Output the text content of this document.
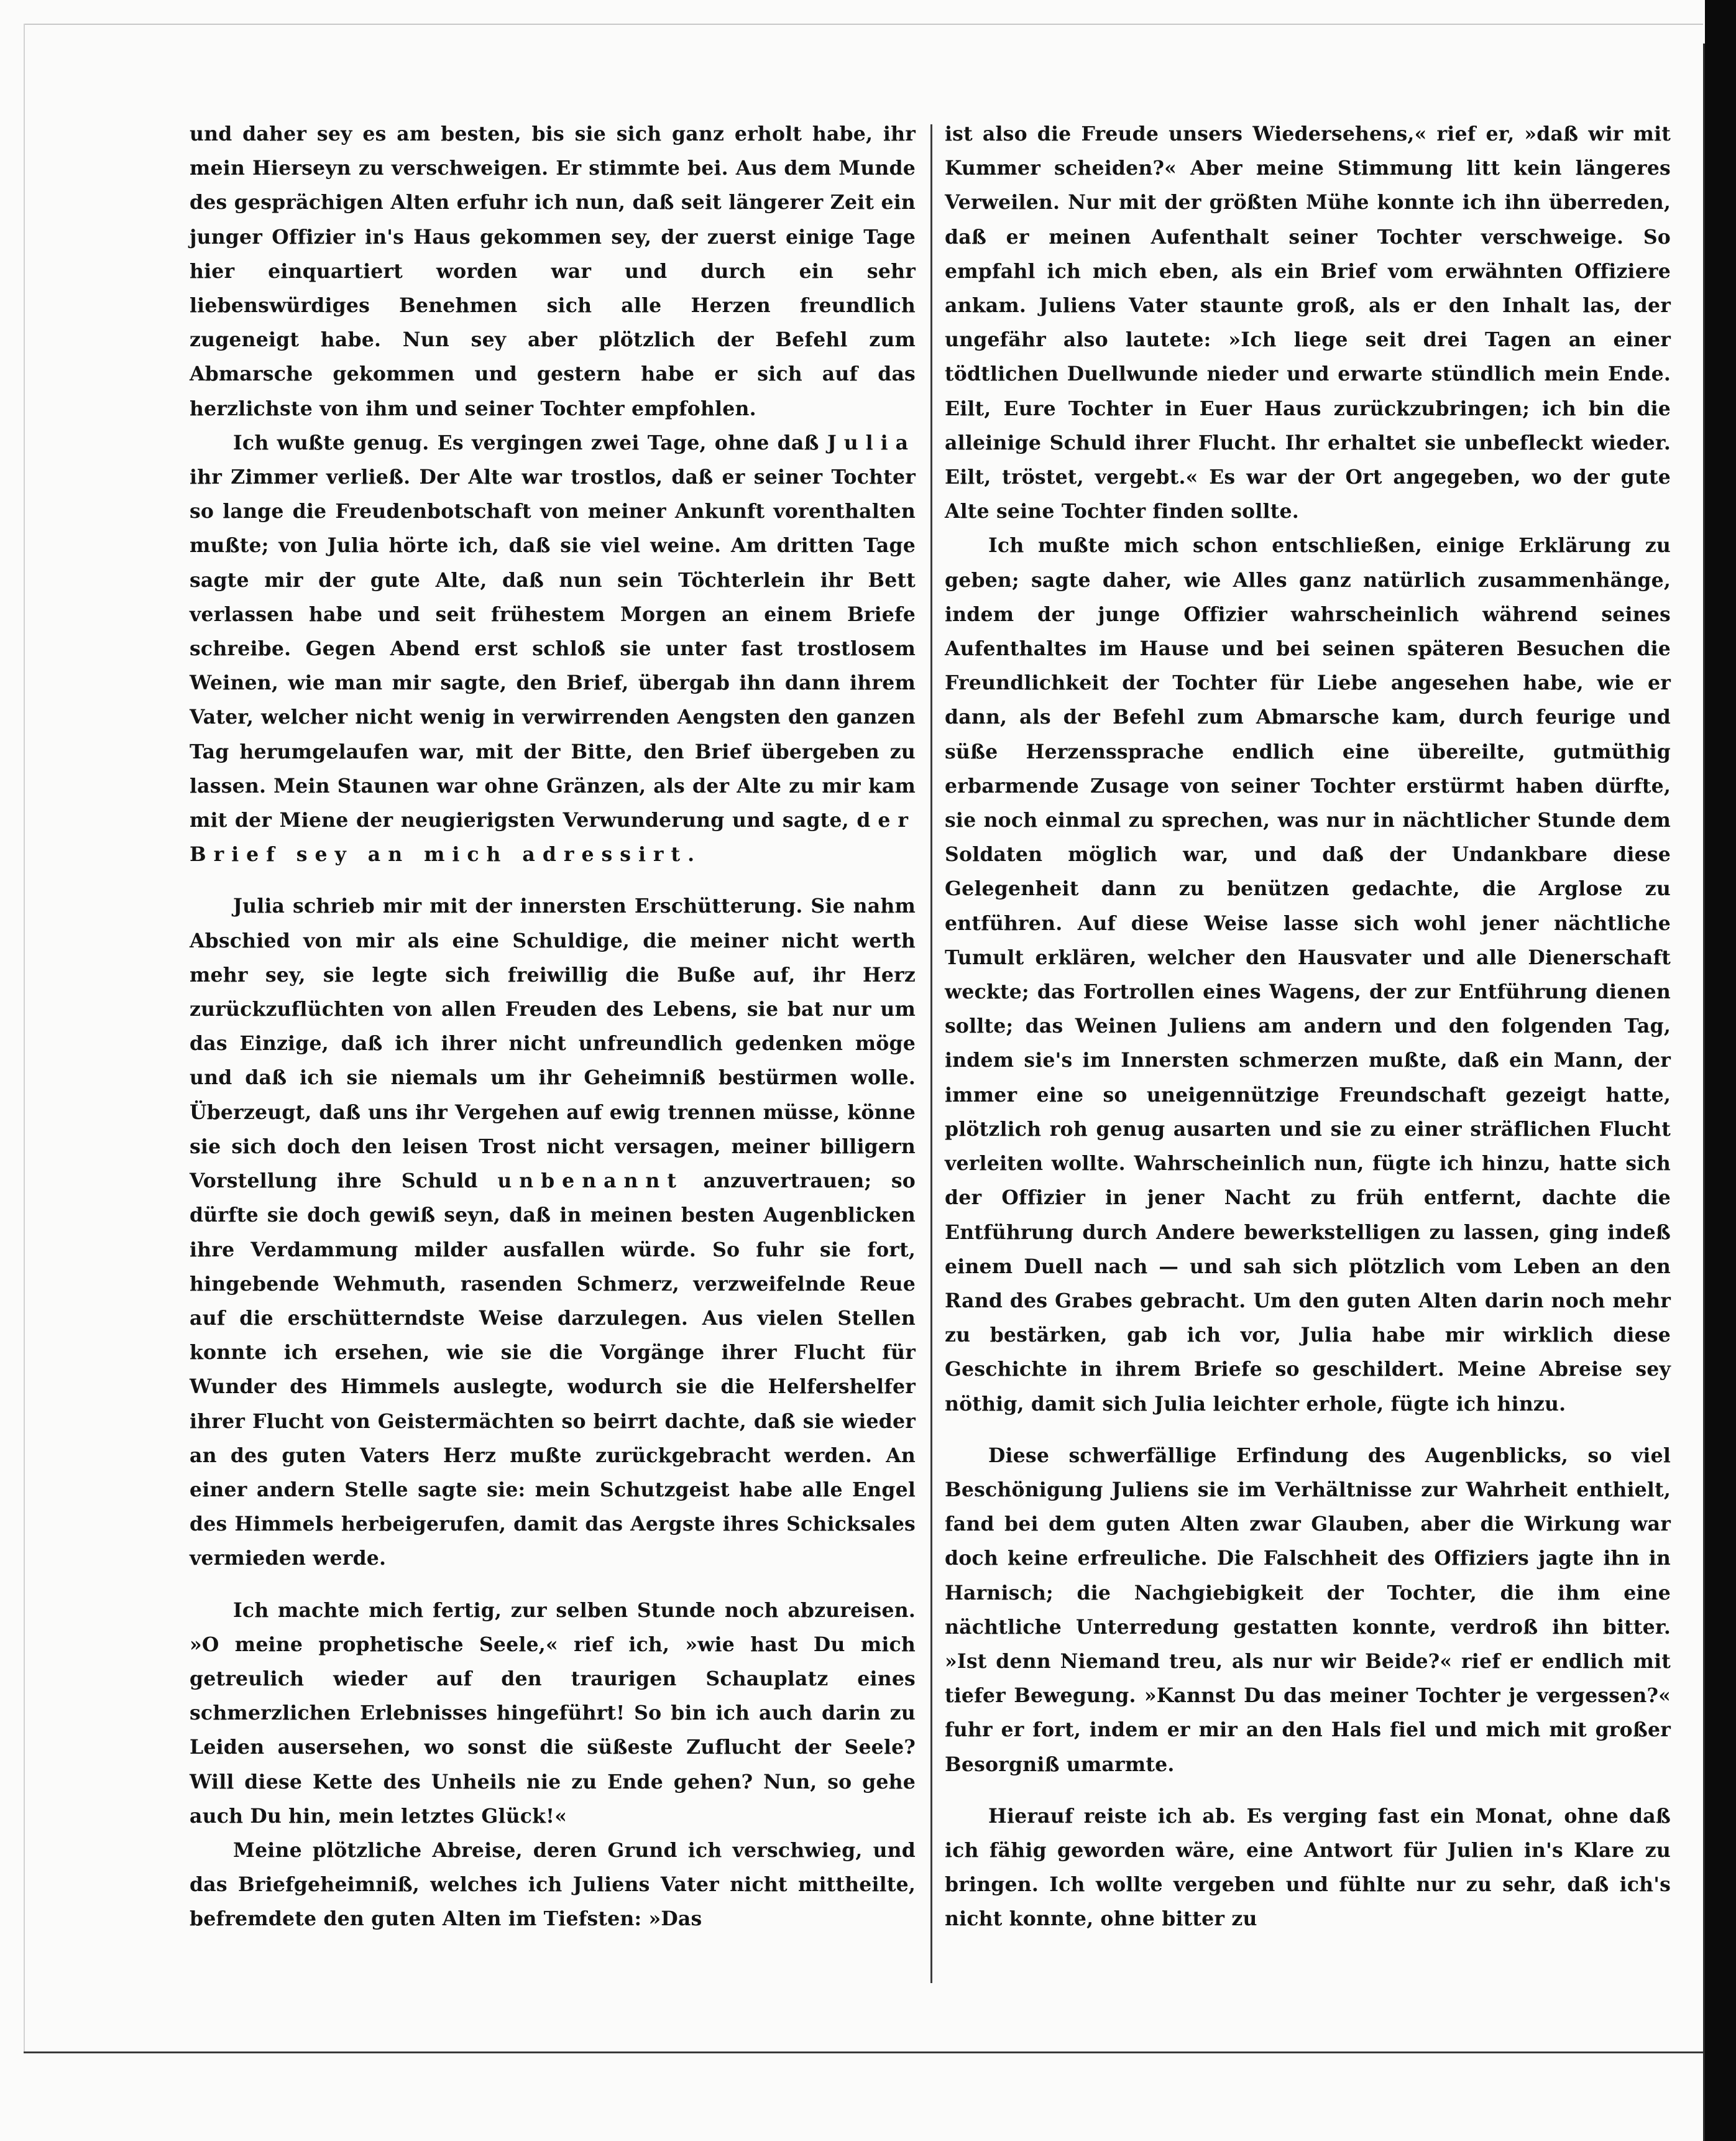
und daher sey es am besten, bis sie sich ganz erholt habe, ihr mein Hierseyn zu verschweigen. Er stimmte bei. Aus dem Munde des gesprächigen Alten erfuhr ich nun, daß seit längerer Zeit ein junger Offizier in's Haus gekommen sey, der zuerst einige Tage hier einquartiert worden war und durch ein sehr liebenswürdiges Benehmen sich alle Herzen freundlich zugeneigt habe. Nun sey aber plötzlich der Befehl zum Abmarsche gekommen und gestern habe er sich auf das herzlichste von ihm und seiner Tochter empfohlen.

Ich wußte genug. Es vergingen zwei Tage, ohne daß Julia ihr Zimmer verließ. Der Alte war trostlos, daß er seiner Tochter so lange die Freudenbotschaft von meiner Ankunft vorenthalten mußte; von Julia hörte ich, daß sie viel weine. Am dritten Tage sagte mir der gute Alte, daß nun sein Töchterlein ihr Bett verlassen habe und seit frühestem Morgen an einem Briefe schreibe. Gegen Abend erst schloß sie unter fast trostlosem Weinen, wie man mir sagte, den Brief, übergab ihn dann ihrem Vater, welcher nicht wenig in verwirrenden Aengsten den ganzen Tag herumgelaufen war, mit der Bitte, den Brief übergeben zu lassen. Mein Staunen war ohne Gränzen, als der Alte zu mir kam mit der Miene der neugierigsten Verwunderung und sagte, der Brief sey an mich adressirt.

Julia schrieb mir mit der innersten Erschütterung. Sie nahm Abschied von mir als eine Schuldige, die meiner nicht werth mehr sey, sie legte sich freiwillig die Buße auf, ihr Herz zurückzuflüchten von allen Freuden des Lebens, sie bat nur um das Einzige, daß ich ihrer nicht unfreundlich gedenken möge und daß ich sie niemals um ihr Geheimniß bestürmen wolle. Überzeugt, daß uns ihr Vergehen auf ewig trennen müsse, könne sie sich doch den leisen Trost nicht versagen, meiner billigern Vorstellung ihre Schuld unbenannt anzuvertrauen; so dürfte sie doch gewiß seyn, daß in meinen besten Augenblicken ihre Verdammung milder ausfallen würde. So fuhr sie fort, hingebende Wehmuth, rasenden Schmerz, verzweifelnde Reue auf die erschütterndste Weise darzulegen. Aus vielen Stellen konnte ich ersehen, wie sie die Vorgänge ihrer Flucht für Wunder des Himmels auslegte, wodurch sie die Helfershelfer ihrer Flucht von Geistermächten so beirrt dachte, daß sie wieder an des guten Vaters Herz mußte zurückgebracht werden. An einer andern Stelle sagte sie: mein Schutzgeist habe alle Engel des Himmels herbeigerufen, damit das Aergste ihres Schicksales vermieden werde.

Ich machte mich fertig, zur selben Stunde noch abzureisen. »O meine prophetische Seele,« rief ich, »wie hast Du mich getreulich wieder auf den traurigen Schauplatz eines schmerzlichen Erlebnisses hingeführt! So bin ich auch darin zu Leiden ausersehen, wo sonst die süßeste Zuflucht der Seele? Will diese Kette des Unheils nie zu Ende gehen? Nun, so gehe auch Du hin, mein letztes Glück!«

Meine plötzliche Abreise, deren Grund ich verschwieg, und das Briefgeheimniß, welches ich Juliens Vater nicht mittheilte, befremdete den guten Alten im Tiefsten: »Das

ist also die Freude unsers Wiedersehens,« rief er, »daß wir mit Kummer scheiden?« Aber meine Stimmung litt kein längeres Verweilen. Nur mit der größten Mühe konnte ich ihn überreden, daß er meinen Aufenthalt seiner Tochter verschweige. So empfahl ich mich eben, als ein Brief vom erwähnten Offiziere ankam. Juliens Vater staunte groß, als er den Inhalt las, der ungefähr also lautete: »Ich liege seit drei Tagen an einer tödtlichen Duellwunde nieder und erwarte stündlich mein Ende. Eilt, Eure Tochter in Euer Haus zurückzubringen; ich bin die alleinige Schuld ihrer Flucht. Ihr erhaltet sie unbefleckt wieder. Eilt, tröstet, vergebt.« Es war der Ort angegeben, wo der gute Alte seine Tochter finden sollte.

Ich mußte mich schon entschließen, einige Erklärung zu geben; sagte daher, wie Alles ganz natürlich zusammenhänge, indem der junge Offizier wahrscheinlich während seines Aufenthaltes im Hause und bei seinen späteren Besuchen die Freundlichkeit der Tochter für Liebe angesehen habe, wie er dann, als der Befehl zum Abmarsche kam, durch feurige und süße Herzenssprache endlich eine übereilte, gutmüthig erbarmende Zusage von seiner Tochter erstürmt haben dürfte, sie noch einmal zu sprechen, was nur in nächtlicher Stunde dem Soldaten möglich war, und daß der Undankbare diese Gelegenheit dann zu benützen gedachte, die Arglose zu entführen. Auf diese Weise lasse sich wohl jener nächtliche Tumult erklären, welcher den Hausvater und alle Dienerschaft weckte; das Fortrollen eines Wagens, der zur Entführung dienen sollte; das Weinen Juliens am andern und den folgenden Tag, indem sie's im Innersten schmerzen mußte, daß ein Mann, der immer eine so uneigennützige Freundschaft gezeigt hatte, plötzlich roh genug ausarten und sie zu einer sträflichen Flucht verleiten wollte. Wahrscheinlich nun, fügte ich hinzu, hatte sich der Offizier in jener Nacht zu früh entfernt, dachte die Entführung durch Andere bewerkstelligen zu lassen, ging indeß einem Duell nach — und sah sich plötzlich vom Leben an den Rand des Grabes gebracht. Um den guten Alten darin noch mehr zu bestärken, gab ich vor, Julia habe mir wirklich diese Geschichte in ihrem Briefe so geschildert. Meine Abreise sey nöthig, damit sich Julia leichter erhole, fügte ich hinzu.

Diese schwerfällige Erfindung des Augenblicks, so viel Beschönigung Juliens sie im Verhältnisse zur Wahrheit enthielt, fand bei dem guten Alten zwar Glauben, aber die Wirkung war doch keine erfreuliche. Die Falschheit des Offiziers jagte ihn in Harnisch; die Nachgiebigkeit der Tochter, die ihm eine nächtliche Unterredung gestatten konnte, verdroß ihn bitter. »Ist denn Niemand treu, als nur wir Beide?« rief er endlich mit tiefer Bewegung. »Kannst Du das meiner Tochter je vergessen?« fuhr er fort, indem er mir an den Hals fiel und mich mit großer Besorgniß umarmte.

Hierauf reiste ich ab. Es verging fast ein Monat, ohne daß ich fähig geworden wäre, eine Antwort für Julien in's Klare zu bringen. Ich wollte vergeben und fühlte nur zu sehr, daß ich's nicht konnte, ohne bitter zu
